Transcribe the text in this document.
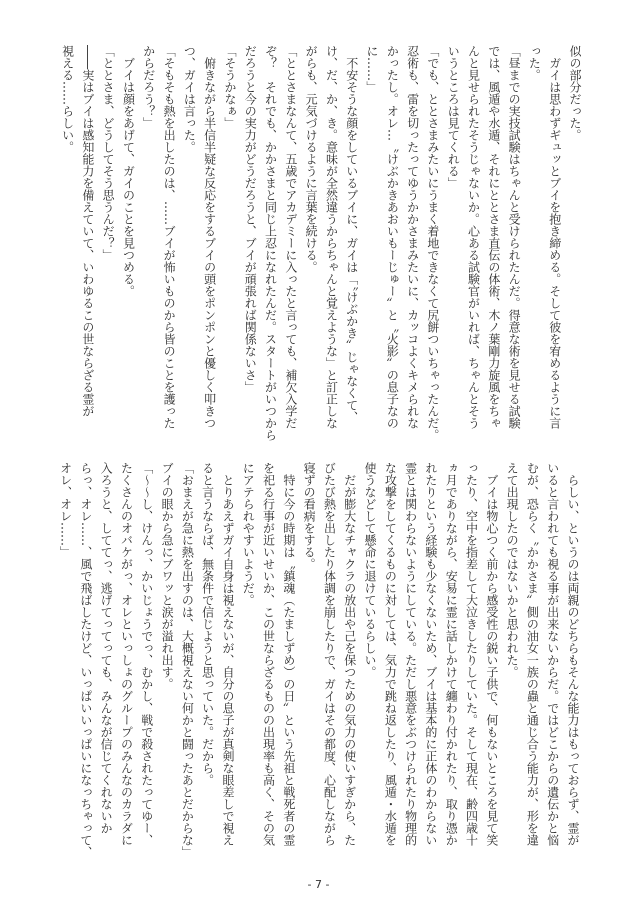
似の部分だった。
　ガイは思わずギュッとブイを抱き締める。そして彼を宥めるように言
った。
「昼までの実技試験はちゃんと受けられたんだ。得意な術を見せる試験
では、風遁や水遁、それにととさま直伝の体術、木ノ葉剛力旋風をちゃ
んと見せられたそうじゃないか。心ある試験官がいれば、ちゃんとそう
いうところは見てくれる」
「でも、ととさまみたいにうまく着地できなくて尻餅ついちゃったんだ。
忍術も、雷を切ったってゆうかかさまみたいに、カッコよくキメられな
かったし。オレ…〝けぶかきあおいもーじゅー〟と〝火影〟の息子なの
に……」
　不安そうな顔をしているブイに、ガイは「〝けぶかき〟じゃなくて、
け、だ、か、き。意味が全然違うからちゃんと覚えような」と訂正しな
がらも、元気づけるように言葉を続ける。
「ととさまなんて、五歳でアカデミーに入ったと言っても、補欠入学だ
ぞ？　それでも、かかさまと同じ上忍になれたんだ。スタートがいつから
だろうと今の実力がどうだろうと、ブイが頑張れば関係ないさ」
「そうかなぁ」
　俯きながら半信半疑な反応をするブイの頭をポンポンと優しく叩きつ
つ、ガイは言った。
「そもそも熱を出したのは、……ブイが怖いものから皆のことを護った
からだろう？」
　ブイは顔をあげて、ガイのことを見つめる。
「ととさま、どうしてそう思うんだ？」
――実はブイは感知能力を備えていて、いわゆるこの世ならざる霊が
視える……らしい。
　らしい、というのは両親のどちらもそんな能力はもっておらず、霊が
いると言われても視る事が出来ないからだ。ではどこからの遺伝かと悩
むが、恐らく〝かかさま〟側の油女一族の蟲と通じ合う能力が、形を違
えて出現したのではないかと思われた。
　ブイは物心つく前から感受性の鋭い子供で、何もないところを見て笑
ったり、空中を指差して大泣きしたりしていた。そして現在、齢四歳十
ヵ月でありながら、安易に霊に話しかけて纏わり付かれたり、取り憑か
れたりという経験も少なくないため、ブイは基本的に正体のわからない
霊とは関わらないようにしている。ただし悪意をぶつけられたり物理的
な攻撃をしてくるものに対しては、気力で跳ね返したり、風遁・水遁を
使うなどして懸命に退けているらしい。
　だが膨大なチャクラの放出や己を保つための気力の使いすぎから、た
びたび熱を出したり体調を崩したりで、ガイはその都度、心配しながら
寝ずの看病をする。
　特に今の時期は〝鎮魂（たましずめ）の日〟という先祖と戦死者の霊
を祀る行事が近いせいか、この世ならざるものの出現率も高く、その気
にアテられやすいようだ。
　とりあえずガイ自身は視えないが、自分の息子が真剣な眼差しで視え
ると言うならば、無条件で信じようと思っていた。だから。
「おまえが急に熱を出すのは、大概視えない何かと闘ったあとだからな」
ブイの眼から急にブワッと涙が溢れ出す。
「～～し、けんっ、かいじょうでっ、むかし、戦で殺されたってゆー、
たくさんのオバケがっ、オレといっしょのグループのみんなのカラダに
入ろうと、しててっ、逃げてってっても、みんなが信じてくれないか
らっ、オレ……、風で飛ばしたけど、いっぱいいっぱいになっちゃって、
オレ、オレ……」
- 7 -
